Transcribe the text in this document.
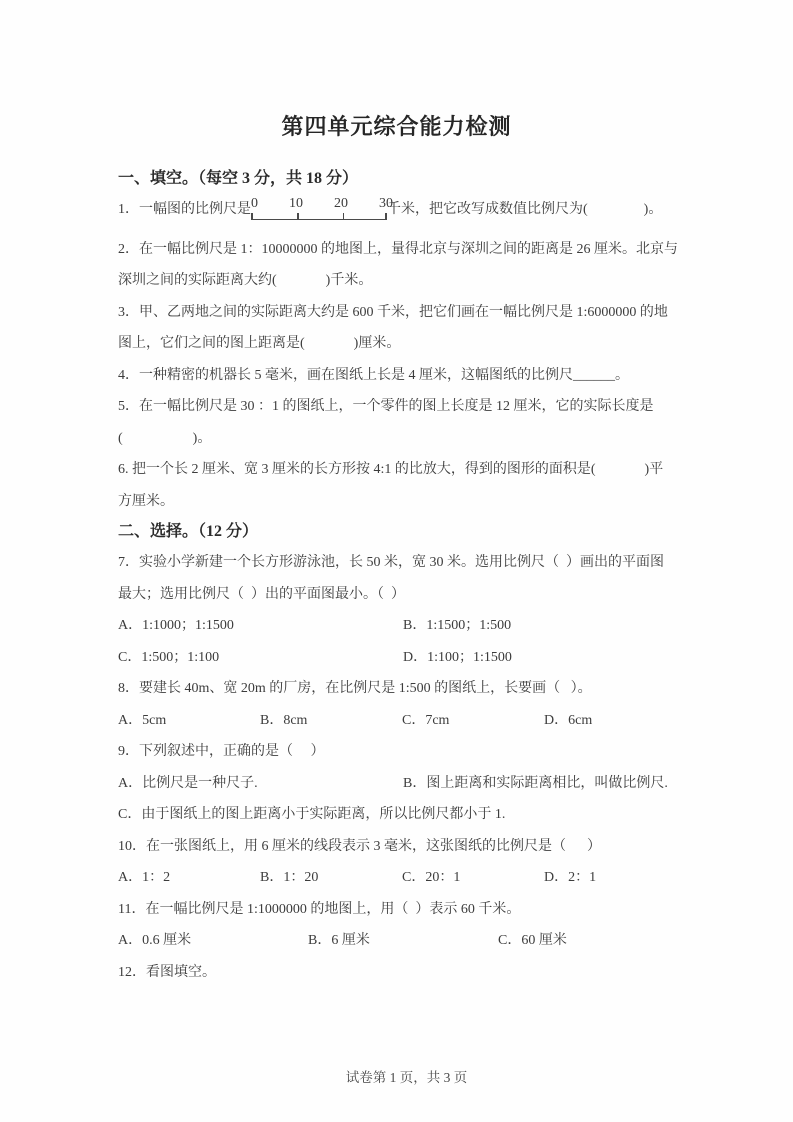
第四单元综合能力检测
一、填空。（每空 3 分，共 18 分）
1．一幅图的比例尺是 0 10 20 30
千米，把它改写成数值比例尺为(                )。
2．在一幅比例尺是 1：10000000 的地图上，量得北京与深圳之间的距离是 26 厘米。北京与
深圳之间的实际距离大约(              )千米。
3．甲、乙两地之间的实际距离大约是 600 千米，把它们画在一幅比例尺是 1:6000000 的地
图上，它们之间的图上距离是(              )厘米。
4．一种精密的机器长 5 毫米，画在图纸上长是 4 厘米，这幅图纸的比例尺______。
5．在一幅比例尺是 30 ：1 的图纸上，一个零件的图上长度是 12 厘米，它的实际长度是
(                    )。
6. 把一个长 2 厘米、宽 3 厘米的长方形按 4:1 的比放大，得到的图形的面积是(              )平
方厘米。
二、选择。（12 分）
7．实验小学新建一个长方形游泳池，长 50 米，宽 30 米。选用比例尺（  ）画出的平面图
最大；选用比例尺（  ）出的平面图最小。（  ）
A．1:1000；1:1500	B．1:1500；1:500
C．1:500；1:100	D．1:100；1:1500
8．要建长 40m、宽 20m 的厂房，在比例尺是 1:500 的图纸上，长要画（   ）。
A．5cm	B．8cm	C．7cm	D．6cm
9．下列叙述中，正确的是（     ）
A．比例尺是一种尺子.	B．图上距离和实际距离相比，叫做比例尺.
C．由于图纸上的图上距离小于实际距离，所以比例尺都小于 1.
10．在一张图纸上，用 6 厘米的线段表示 3 毫米，这张图纸的比例尺是（      ）
A．1：2	B．1：20	C．20：1	D．2：1
11．在一幅比例尺是 1:1000000 的地图上，用（  ）表示 60 千米。
A．0.6 厘米	B．6 厘米	C．60 厘米
12．看图填空。
试卷第 1 页，共 3 页
